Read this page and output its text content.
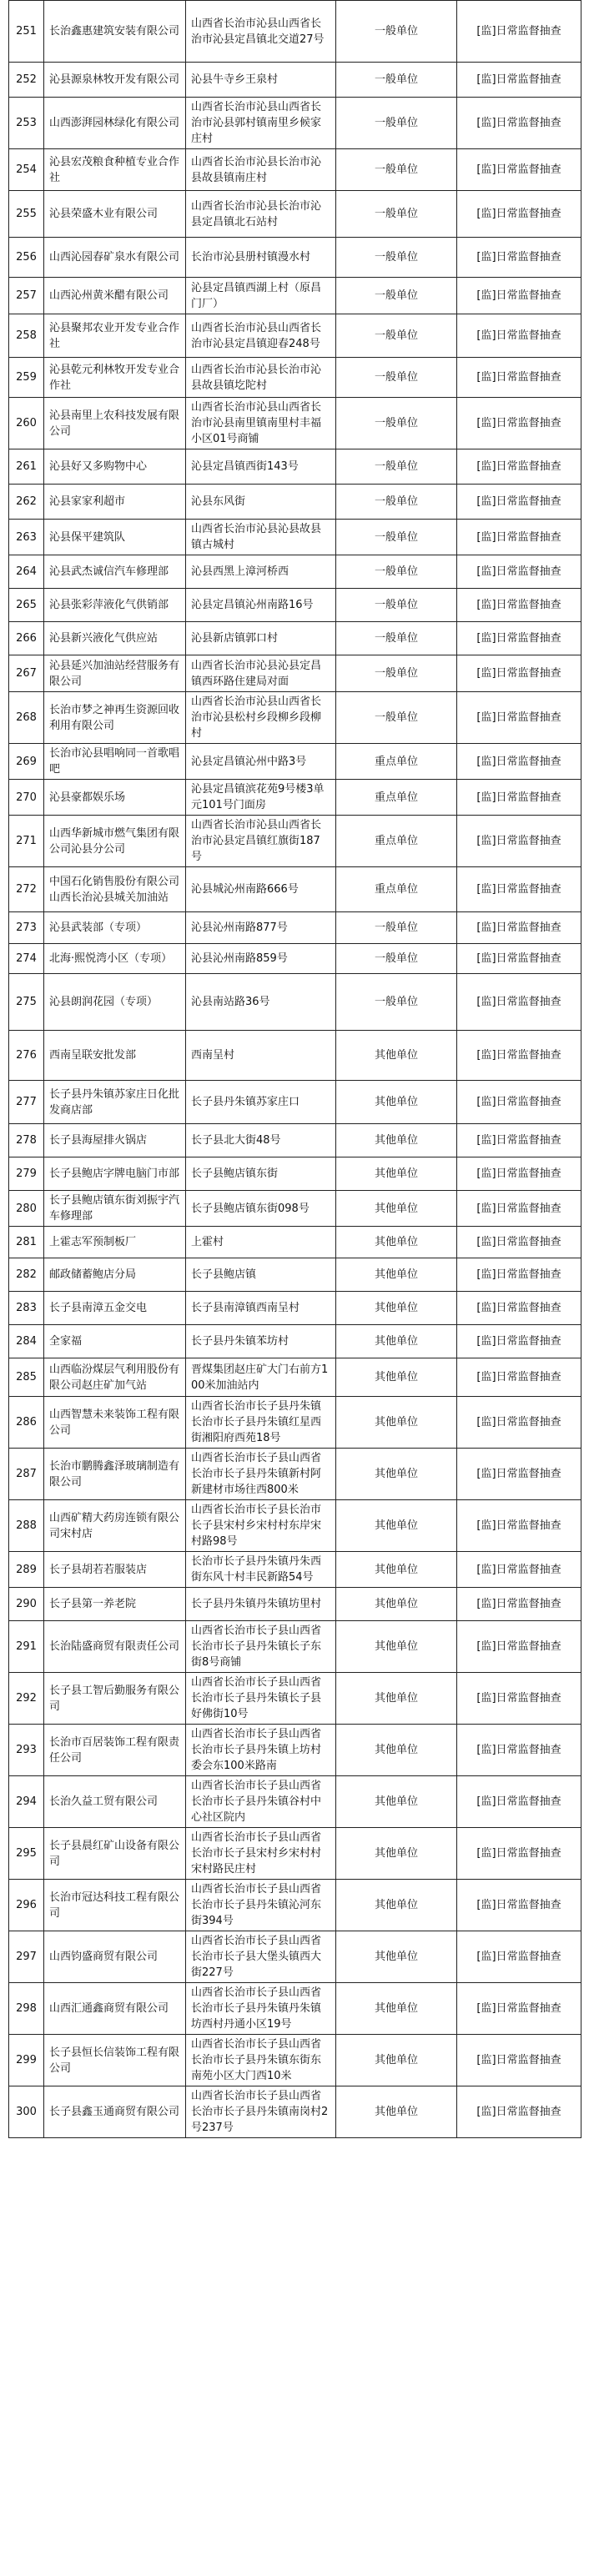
251	长治鑫惠建筑安装有限公司	山西省长治市沁县山西省长治市沁县定昌镇北交道27号	一般单位	[监]日常监督抽查
252	沁县源泉林牧开发有限公司	沁县牛寺乡王泉村	一般单位	[监]日常监督抽查
253	山西澎湃园林绿化有限公司	山西省长治市沁县山西省长治市沁县郭村镇南里乡候家庄村	一般单位	[监]日常监督抽查
254	沁县宏茂粮食种植专业合作社	山西省长治市沁县长治市沁县故县镇南庄村	一般单位	[监]日常监督抽查
255	沁县荣盛木业有限公司	山西省长治市沁县长治市沁县定昌镇北石站村	一般单位	[监]日常监督抽查
256	山西沁园春矿泉水有限公司	长治市沁县册村镇漫水村	一般单位	[监]日常监督抽查
257	山西沁州黄米醋有限公司	沁县定昌镇西湖上村（原昌门厂）	一般单位	[监]日常监督抽查
258	沁县聚邦农业开发专业合作社	山西省长治市沁县山西省长治市沁县定昌镇迎春248号	一般单位	[监]日常监督抽查
259	沁县乾元利林牧开发专业合作社	山西省长治市沁县长治市沁县故县镇圪陀村	一般单位	[监]日常监督抽查
260	沁县南里上农科技发展有限公司	山西省长治市沁县山西省长治市沁县南里镇南里村丰福小区01号商铺	一般单位	[监]日常监督抽查
261	沁县好又多购物中心	沁县定昌镇西街143号	一般单位	[监]日常监督抽查
262	沁县家家利超市	沁县东风街	一般单位	[监]日常监督抽查
263	沁县保平建筑队	山西省长治市沁县沁县故县镇古城村	一般单位	[监]日常监督抽查
264	沁县武杰诚信汽车修理部	沁县西黑上漳河桥西	一般单位	[监]日常监督抽查
265	沁县张彩萍液化气供销部	沁县定昌镇沁州南路16号	一般单位	[监]日常监督抽查
266	沁县新兴液化气供应站	沁县新店镇郭口村	一般单位	[监]日常监督抽查
267	沁县延兴加油站经营服务有限公司	山西省长治市沁县沁县定昌镇西环路住建局对面	一般单位	[监]日常监督抽查
268	长治市梦之神再生资源回收利用有限公司	山西省长治市沁县山西省长治市沁县松村乡段柳乡段柳村	一般单位	[监]日常监督抽查
269	长治市沁县唱响同一首歌唱吧	沁县定昌镇沁州中路3号	重点单位	[监]日常监督抽查
270	沁县豪都娱乐场	沁县定昌镇滨花苑9号楼3单元101号门面房	重点单位	[监]日常监督抽查
271	山西华新城市燃气集团有限公司沁县分公司	山西省长治市沁县山西省长治市沁县定昌镇红旗街187号	重点单位	[监]日常监督抽查
272	中国石化销售股份有限公司山西长治沁县城关加油站	沁县城沁州南路666号	重点单位	[监]日常监督抽查
273	沁县武装部（专项）	沁县沁州南路877号	一般单位	[监]日常监督抽查
274	北海·熙悦湾小区（专项）	沁县沁州南路859号	一般单位	[监]日常监督抽查
275	沁县朗润花园（专项）	沁县南站路36号	一般单位	[监]日常监督抽查
276	西南呈联安批发部	西南呈村	其他单位	[监]日常监督抽查
277	长子县丹朱镇苏家庄日化批发商店部	长子县丹朱镇苏家庄口	其他单位	[监]日常监督抽查
278	长子县海屋排火锅店	长子县北大街48号	其他单位	[监]日常监督抽查
279	长子县鲍店字牌电脑门市部	长子县鲍店镇东街	其他单位	[监]日常监督抽查
280	长子县鲍店镇东街刘振宇汽车修理部	长子县鲍店镇东街098号	其他单位	[监]日常监督抽查
281	上霍志军预制板厂	上霍村	其他单位	[监]日常监督抽查
282	邮政储蓄鲍店分局	长子县鲍店镇	其他单位	[监]日常监督抽查
283	长子县南漳五金交电	长子县南漳镇西南呈村	其他单位	[监]日常监督抽查
284	全家福	长子县丹朱镇苯坊村	其他单位	[监]日常监督抽查
285	山西临汾煤层气利用股份有限公司赵庄矿加气站	晋煤集团赵庄矿大门右前方100米加油站内	其他单位	[监]日常监督抽查
286	山西智慧未来装饰工程有限公司	山西省长治市长子县丹朱镇长治市长子县丹朱镇红星西街湘阳府西苑18号	其他单位	[监]日常监督抽查
287	长治市鹏腾鑫泽玻璃制造有限公司	山西省长治市长子县山西省长治市长子县丹朱镇新村阿新建材市场往西800米	其他单位	[监]日常监督抽查
288	山西矿精大药房连锁有限公司宋村店	山西省长治市长子县长治市长子县宋村乡宋村村东岸宋村路98号	其他单位	[监]日常监督抽查
289	长子县胡若若服装店	长治市长子县丹朱镇丹朱西街东风十村丰民新路54号	其他单位	[监]日常监督抽查
290	长子县第一养老院	长子县丹朱镇丹朱镇坊里村	其他单位	[监]日常监督抽查
291	长治陆盛商贸有限责任公司	山西省长治市长子县山西省长治市长子县丹朱镇长子东街8号商铺	其他单位	[监]日常监督抽查
292	长子县工智后勤服务有限公司	山西省长治市长子县山西省长治市长子县丹朱镇长子县好佛街10号	其他单位	[监]日常监督抽查
293	长治市百居装饰工程有限责任公司	山西省长治市长子县山西省长治市长子县丹朱镇上坊村委会东100米路南	其他单位	[监]日常监督抽查
294	长治久益工贸有限公司	山西省长治市长子县山西省长治市长子县丹朱镇谷村中心社区院内	其他单位	[监]日常监督抽查
295	长子县晨红矿山设备有限公司	山西省长治市长子县山西省长治市长子县宋村乡宋村村宋村路民庄村	其他单位	[监]日常监督抽查
296	长治市冠达科技工程有限公司	山西省长治市长子县山西省长治市长子县丹朱镇沁河东街394号	其他单位	[监]日常监督抽查
297	山西钧盛商贸有限公司	山西省长治市长子县山西省长治市长子县大堡头镇西大街227号	其他单位	[监]日常监督抽查
298	山西汇通鑫商贸有限公司	山西省长治市长子县山西省长治市长子县丹朱镇丹朱镇坊西村丹通小区19号	其他单位	[监]日常监督抽查
299	长子县恒长信装饰工程有限公司	山西省长治市长子县山西省长治市长子县丹朱镇东街东南苑小区大门西10米	其他单位	[监]日常监督抽查
300	长子县鑫玉通商贸有限公司	山西省长治市长子县山西省长治市长子县丹朱镇南岗村2号237号	其他单位	[监]日常监督抽查
